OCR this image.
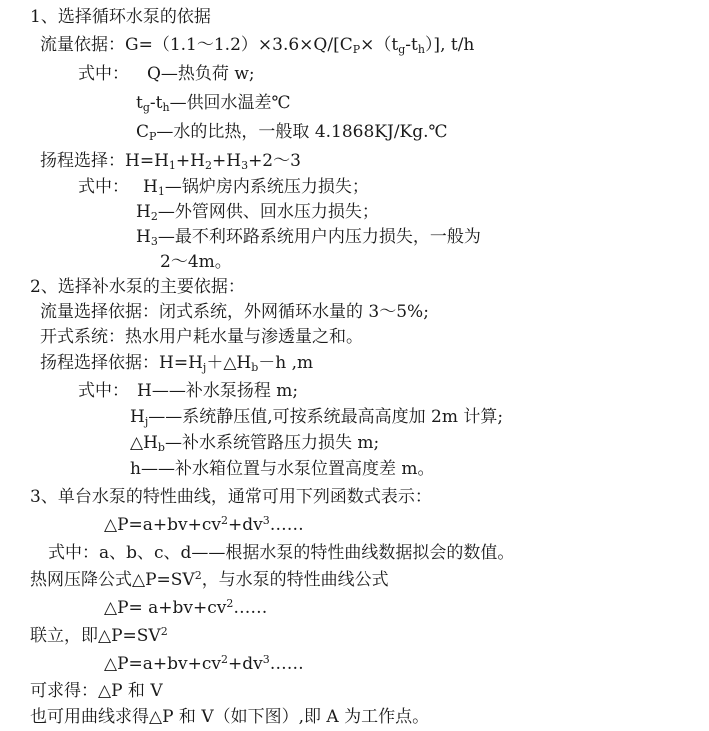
1、选择循环水泵的依据
流量依据：$G=(1.1\sim 1.2)\times 3.6\times Q/[C_P\times(t_g-t_h)]$, t/h
式中： Q—热负荷 w;
$t_g-t_h—$供回水温差℃
$C_P—$水的比热，一般取 4.1868KJ/Kg.℃
扬程选择：$H=H_1+H_2+H_3+2\sim 3$
式中： $H_1—$锅炉房内系统压力损失；
$H_2—$外管网供、回水压力损失；
$H_3—$最不利环路系统用户内压力损失，一般为
2～4m。
2、选择补水泵的主要依据：
流量选择依据：闭式系统，外网循环水量的 3～5%;
开式系统：热水用户耗水量与渗透量之和。
扬程选择依据：$H=H_j+\triangle H_b-h$ ,m
式中： H——补水泵扬程 m;
$H_j——$系统静压值,可按系统最高高度加 2m 计算;
$\triangle H_b—$补水系统管路压力损失 m;
h——补水箱位置与水泵位置高度差 m。
3、单台水泵的特性曲线，通常可用下列函数式表示：
$\triangle P=a+bv+cv^2+dv^3\dots\dots$
式中：a、b、c、d——根据水泵的特性曲线数据拟会的数值。
热网压降公式$\triangle P=SV^2$，与水泵的特性曲线公式
△P= $a+bv+cv^2\dots\dots$
联立，即$\triangle P=SV^2$
$\triangle P=a+bv+cv^2+dv^3\dots\dots$
可求得：△P 和 V
也可用曲线求得△P 和 V（如下图）,即 A 为工作点。
